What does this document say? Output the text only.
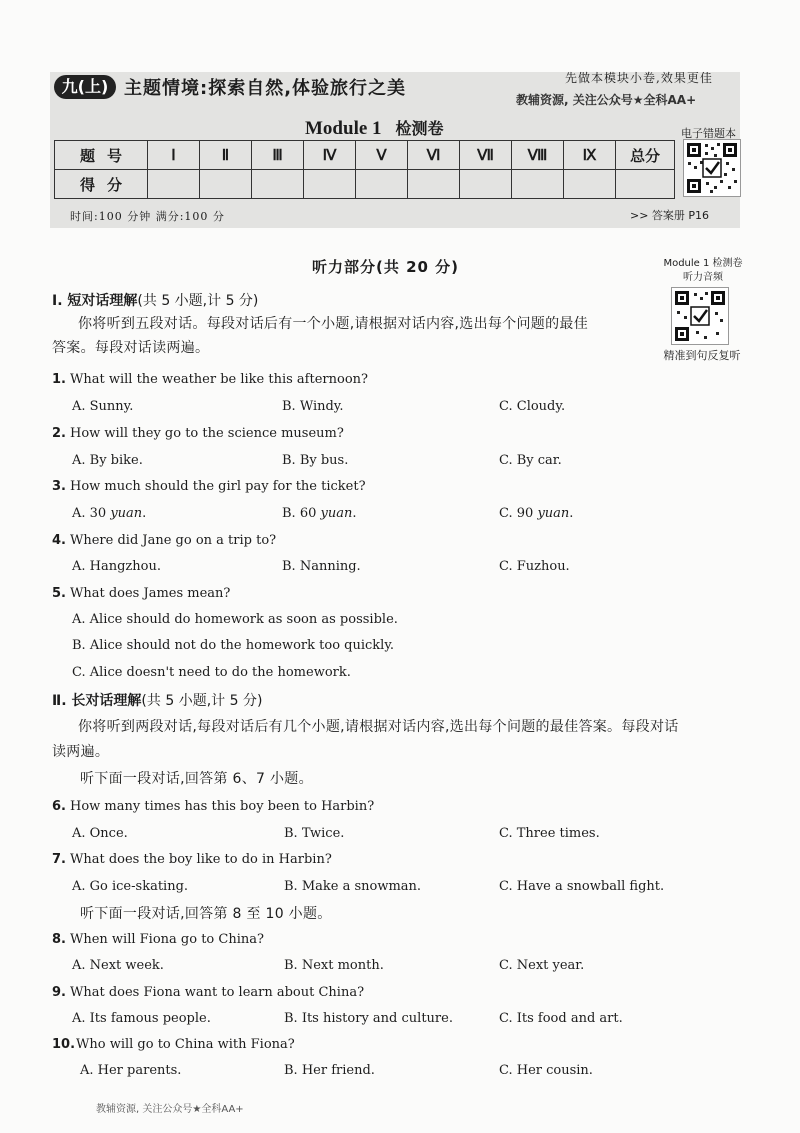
九(上) 主题情境:探索自然,体验旅行之美	先做本模块小卷,效果更佳
教辅资源, 关注公众号★全科AA+
Module 1 检测卷
题号	Ⅰ	Ⅱ	Ⅲ	Ⅳ	Ⅴ	Ⅵ	Ⅶ	Ⅷ	Ⅸ	总分
得分										
电子错题本
时间:100 分钟 满分:100 分	>> 答案册 P16
听力部分(共 20 分)	Module 1 检测卷
听力音频
精准到句反复听
Ⅰ. 短对话理解(共 5 小题,计 5 分)
你将听到五段对话。每段对话后有一个小题,请根据对话内容,选出每个问题的最佳
答案。每段对话读两遍。
1. What will the weather be like this afternoon?
A. Sunny.	B. Windy.	C. Cloudy.
2. How will they go to the science museum?
A. By bike.	B. By bus.	C. By car.
3. How much should the girl pay for the ticket?
A. 30 yuan.	B. 60 yuan.	C. 90 yuan.
4. Where did Jane go on a trip to?
A. Hangzhou.	B. Nanning.	C. Fuzhou.
5. What does James mean?
A. Alice should do homework as soon as possible.
B. Alice should not do the homework too quickly.
C. Alice doesn't need to do the homework.
Ⅱ. 长对话理解(共 5 小题,计 5 分)
你将听到两段对话,每段对话后有几个小题,请根据对话内容,选出每个问题的最佳答案。每段对话
读两遍。
听下面一段对话,回答第 6、7 小题。
6. How many times has this boy been to Harbin?
A. Once.	B. Twice.	C. Three times.
7. What does the boy like to do in Harbin?
A. Go ice-skating.	B. Make a snowman.	C. Have a snowball fight.
听下面一段对话,回答第 8 至 10 小题。
8. When will Fiona go to China?
A. Next week.	B. Next month.	C. Next year.
9. What does Fiona want to learn about China?
A. Its famous people.	B. Its history and culture.	C. Its food and art.
10.Who will go to China with Fiona?
A. Her parents.	B. Her friend.	C. Her cousin.
教辅资源, 关注公众号★全科AA+
